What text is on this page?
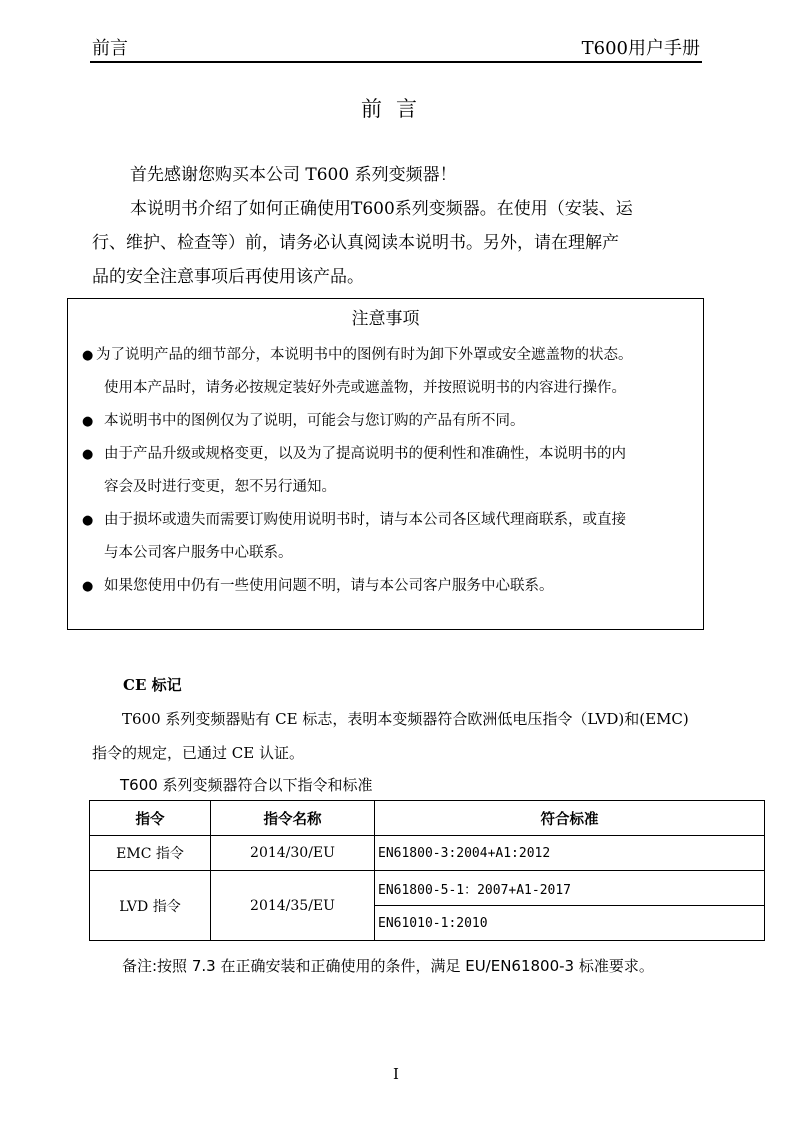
前言	T600用户手册
前言

首先感谢您购买本公司 T600 系列变频器！

本说明书介绍了如何正确使用T600系列变频器。在使用（安装、运

行、维护、检查等）前，请务必认真阅读本说明书。另外，请在理解产

品的安全注意事项后再使用该产品。

注意事项
● 为了说明产品的细节部分，本说明书中的图例有时为卸下外罩或安全遮盖物的状态。
使用本产品时，请务必按规定装好外壳或遮盖物，并按照说明书的内容进行操作。
● 本说明书中的图例仅为了说明，可能会与您订购的产品有所不同。
● 由于产品升级或规格变更，以及为了提高说明书的便利性和准确性，本说明书的内
容会及时进行变更，恕不另行通知。
● 由于损坏或遗失而需要订购使用说明书时，请与本公司各区域代理商联系，或直接
与本公司客户服务中心联系。
● 如果您使用中仍有一些使用问题不明，请与本公司客户服务中心联系。
CE 标记

T600 系列变频器贴有 CE 标志，表明本变频器符合欧洲低电压指令（LVD)和(EMC)

指令的规定，已通过 CE 认证。

T600 系列变频器符合以下指令和标准
指令	指令名称	符合标准
EMC 指令	2014/30/EU	EN61800-3:2004+A1:2012
LVD 指令	2014/35/EU	EN61800-5-1：2007+A1-2017
		EN61010-1:2010
备注:按照 7.3 在正确安装和正确使用的条件，满足 EU/EN61800-3 标准要求。
I
